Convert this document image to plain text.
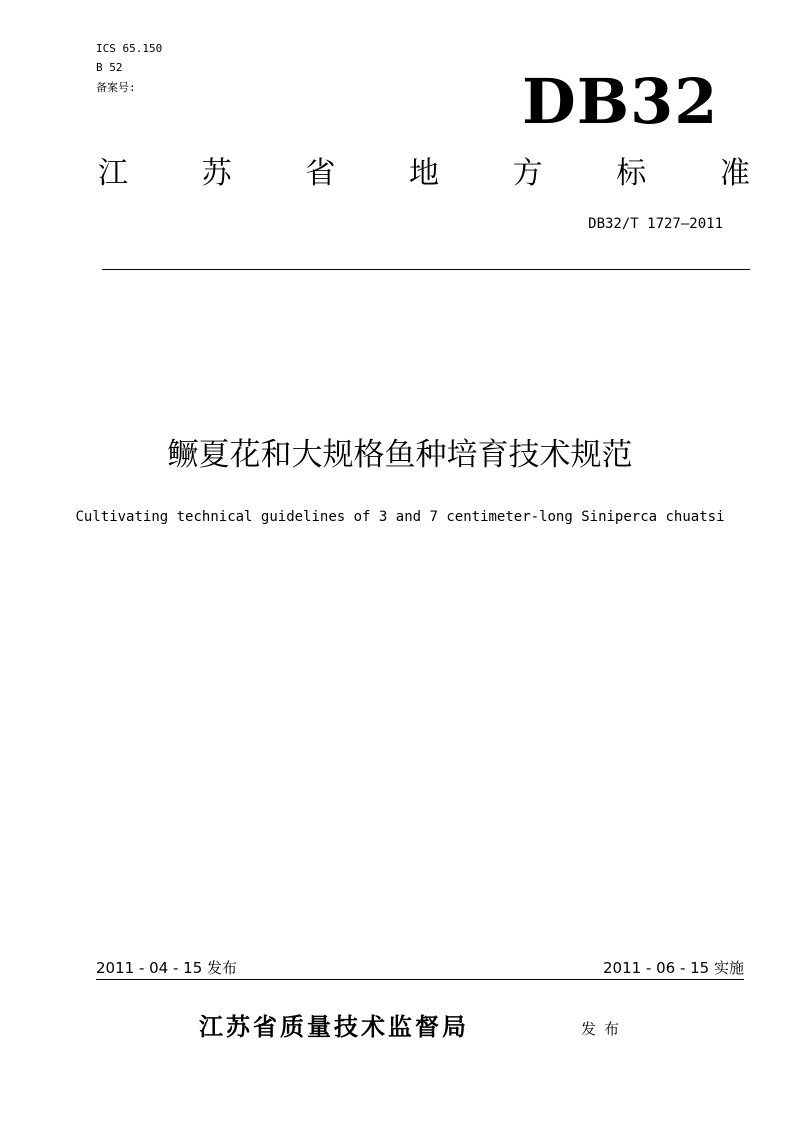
ICS 65.150
B 52
备案号:	DB32
江 苏 省 地 方 标 准
DB32/T 1727—2011
鳜夏花和大规格鱼种培育技术规范
Cultivating technical guidelines of 3 and 7 centimeter-long Siniperca chuatsi
2011 - 04 - 15 发布	2011 - 06 - 15 实施
江苏省质量技术监督局	发布
